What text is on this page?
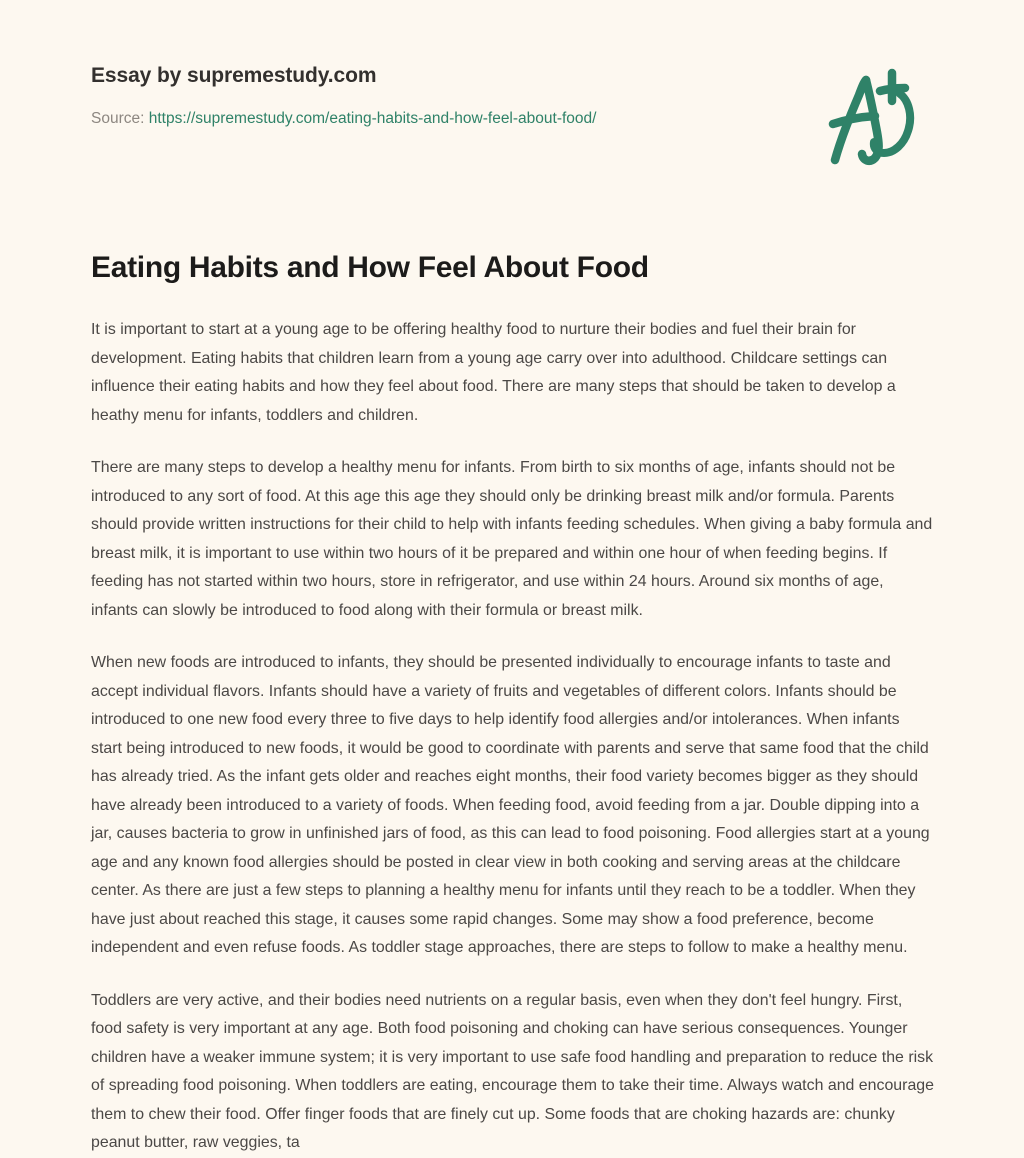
Essay by supremestudy.com
Source: https://supremestudy.com/eating-habits-and-how-feel-about-food/
Eating Habits and How Feel About Food

It is important to start at a young age to be offering healthy food to nurture their bodies and fuel their brain for development. Eating habits that children learn from a young age carry over into adulthood. Childcare settings can influence their eating habits and how they feel about food. There are many steps that should be taken to develop a heathy menu for infants, toddlers and children.

There are many steps to develop a healthy menu for infants. From birth to six months of age, infants should not be introduced to any sort of food. At this age this age they should only be drinking breast milk and/or formula. Parents should provide written instructions for their child to help with infants feeding schedules. When giving a baby formula and breast milk, it is important to use within two hours of it be prepared and within one hour of when feeding begins. If feeding has not started within two hours, store in refrigerator, and use within 24 hours. Around six months of age, infants can slowly be introduced to food along with their formula or breast milk.

When new foods are introduced to infants, they should be presented individually to encourage infants to taste and accept individual flavors. Infants should have a variety of fruits and vegetables of different colors. Infants should be introduced to one new food every three to five days to help identify food allergies and/or intolerances. When infants start being introduced to new foods, it would be good to coordinate with parents and serve that same food that the child has already tried. As the infant gets older and reaches eight months, their food variety becomes bigger as they should have already been introduced to a variety of foods. When feeding food, avoid feeding from a jar. Double dipping into a jar, causes bacteria to grow in unfinished jars of food, as this can lead to food poisoning. Food allergies start at a young age and any known food allergies should be posted in clear view in both cooking and serving areas at the childcare center. As there are just a few steps to planning a healthy menu for infants until they reach to be a toddler. When they have just about reached this stage, it causes some rapid changes. Some may show a food preference, become independent and even refuse foods. As toddler stage approaches, there are steps to follow to make a healthy menu.

Toddlers are very active, and their bodies need nutrients on a regular basis, even when they don't feel hungry. First, food safety is very important at any age. Both food poisoning and choking can have serious consequences. Younger children have a weaker immune system; it is very important to use safe food handling and preparation to reduce the risk of spreading food poisoning. When toddlers are eating, encourage them to take their time. Always watch and encourage them to chew their food. Offer finger foods that are finely cut up. Some foods that are choking hazards are: chunky peanut butter, raw veggies, ta
